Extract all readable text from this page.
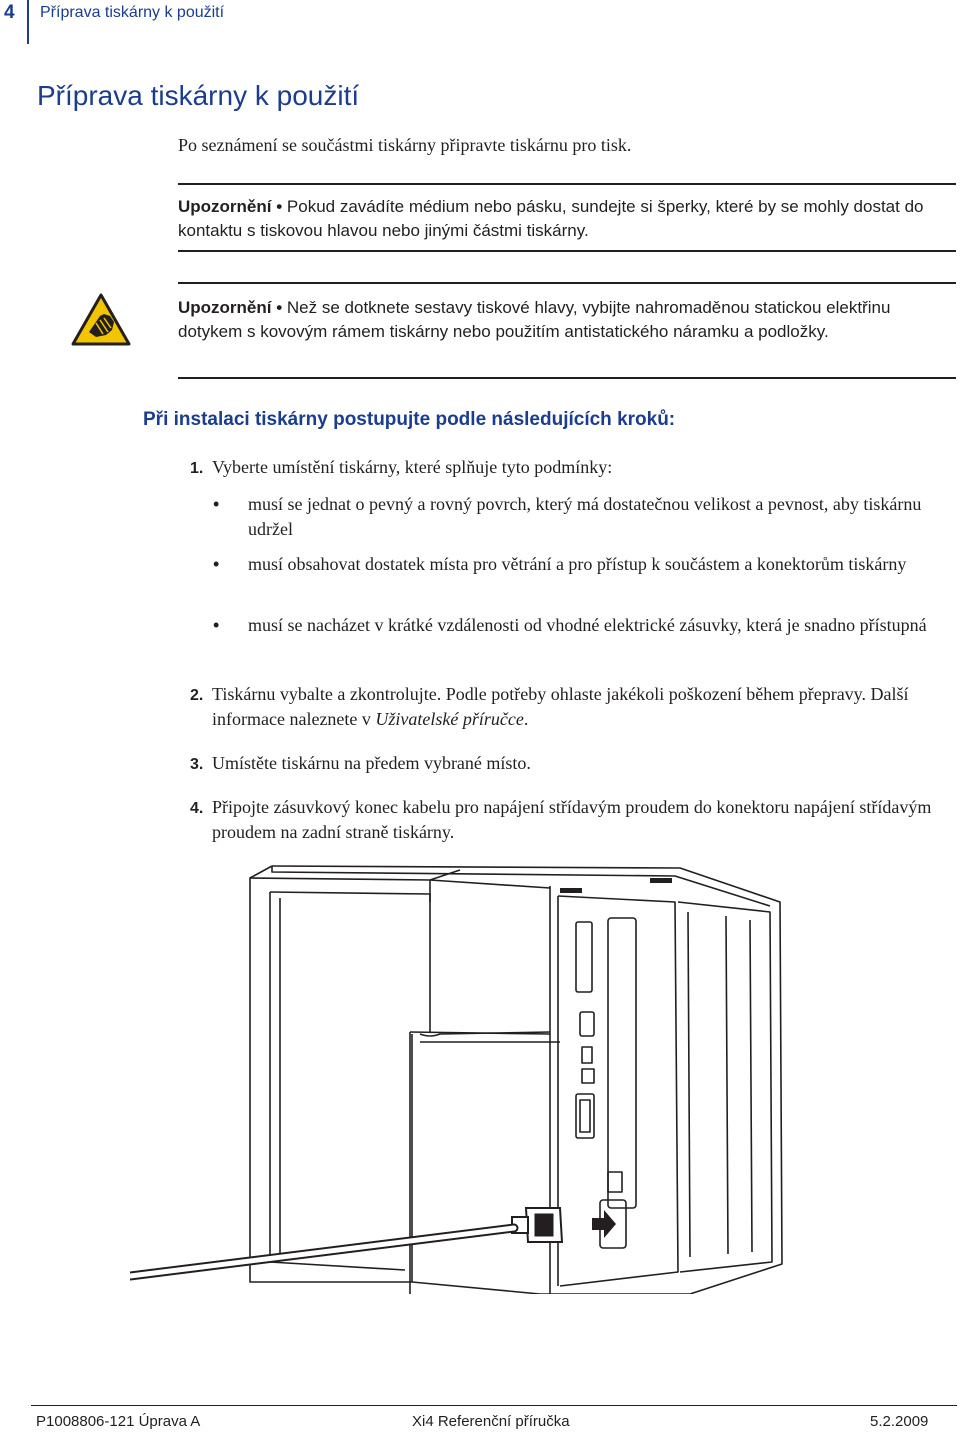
4 Příprava tiskárny k použití
Příprava tiskárny k použití
Po seznámení se součástmi tiskárny připravte tiskárnu pro tisk.
Upozornění • Pokud zavádíte médium nebo pásku, sundejte si šperky, které by se mohly dostat do kontaktu s tiskovou hlavou nebo jinými částmi tiskárny.
Upozornění • Než se dotknete sestavy tiskové hlavy, vybijte nahromaděnou statickou elektřinu dotykem s kovovým rámem tiskárny nebo použitím antistatického náramku a podložky.
Při instalaci tiskárny postupujte podle následujících kroků:
1. Vyberte umístění tiskárny, které splňuje tyto podmínky:
• musí se jednat o pevný a rovný povrch, který má dostatečnou velikost a pevnost, aby tiskárnu udržel
• musí obsahovat dostatek místa pro větrání a pro přístup k součástem a konektorům tiskárny
• musí se nacházet v krátké vzdálenosti od vhodné elektrické zásuvky, která je snadno přístupná
2. Tiskárnu vybalte a zkontrolujte. Podle potřeby ohlaste jakékoli poškození během přepravy. Další informace naleznete v Uživatelské příručce.
3. Umístěte tiskárnu na předem vybrané místo.
4. Připojte zásuvkový konec kabelu pro napájení střídavým proudem do konektoru napájení střídavým proudem na zadní straně tiskárny.
P1008806-121 Úprava A	Xi4 Referenční příručka	5.2.2009
